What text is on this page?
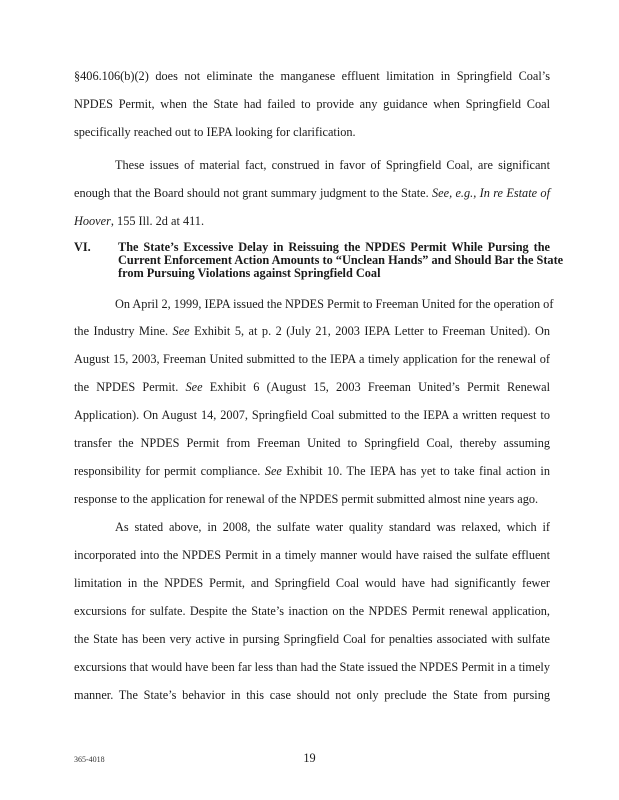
§406.106(b)(2) does not eliminate the manganese effluent limitation in Springfield Coal’s
NPDES Permit, when the State had failed to provide any guidance when Springfield Coal
specifically reached out to IEPA looking for clarification.
These issues of material fact, construed in favor of Springfield Coal, are significant
enough that the Board should not grant summary judgment to the State. See, e.g., In re Estate of
Hoover, 155 Ill. 2d at 411.
VI. The State’s Excessive Delay in Reissuing the NPDES Permit While Pursing the
Current Enforcement Action Amounts to “Unclean Hands” and Should Bar the State
from Pursuing Violations against Springfield Coal
On April 2, 1999, IEPA issued the NPDES Permit to Freeman United for the operation of
the Industry Mine. See Exhibit 5, at p. 2 (July 21, 2003 IEPA Letter to Freeman United). On
August 15, 2003, Freeman United submitted to the IEPA a timely application for the renewal of
the NPDES Permit. See Exhibit 6 (August 15, 2003 Freeman United’s Permit Renewal
Application). On August 14, 2007, Springfield Coal submitted to the IEPA a written request to
transfer the NPDES Permit from Freeman United to Springfield Coal, thereby assuming
responsibility for permit compliance. See Exhibit 10. The IEPA has yet to take final action in
response to the application for renewal of the NPDES permit submitted almost nine years ago.
As stated above, in 2008, the sulfate water quality standard was relaxed, which if
incorporated into the NPDES Permit in a timely manner would have raised the sulfate effluent
limitation in the NPDES Permit, and Springfield Coal would have had significantly fewer
excursions for sulfate. Despite the State’s inaction on the NPDES Permit renewal application,
the State has been very active in pursing Springfield Coal for penalties associated with sulfate
excursions that would have been far less than had the State issued the NPDES Permit in a timely
manner. The State’s behavior in this case should not only preclude the State from pursing
365-4018	19
